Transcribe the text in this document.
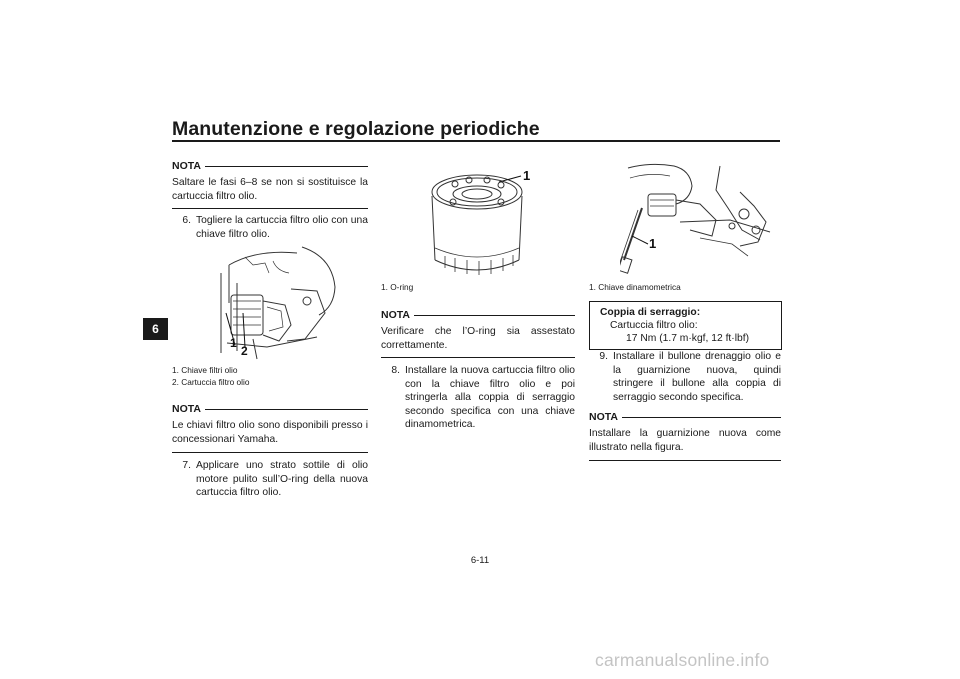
Manutenzione e regolazione periodiche
6
NOTA
Saltare le fasi 6–8 se non si sostituisce la cartuccia filtro olio.
6. Togliere la cartuccia filtro olio con una chiave filtro olio.
1
2
1. Chiave filtri olio
2. Cartuccia filtro olio
NOTA
Le chiavi filtro olio sono disponibili presso i concessionari Yamaha.
7. Applicare uno strato sottile di olio motore pulito sull’O-ring della nuova cartuccia filtro olio.
1
1. O-ring
NOTA
Verificare che l’O-ring sia assestato correttamente.
8. Installare la nuova cartuccia filtro olio con la chiave filtro olio e poi stringerla alla coppia di serraggio secondo specifica con una chiave dinamometrica.
1
1. Chiave dinamometrica
Coppia di serraggio:
Cartuccia filtro olio:
17 Nm (1.7 m·kgf, 12 ft·lbf)
9. Installare il bullone drenaggio olio e la guarnizione nuova, quindi stringere il bullone alla coppia di serraggio secondo specifica.
NOTA
Installare la guarnizione nuova come illustrato nella figura.
6-11
carmanualsonline.info
